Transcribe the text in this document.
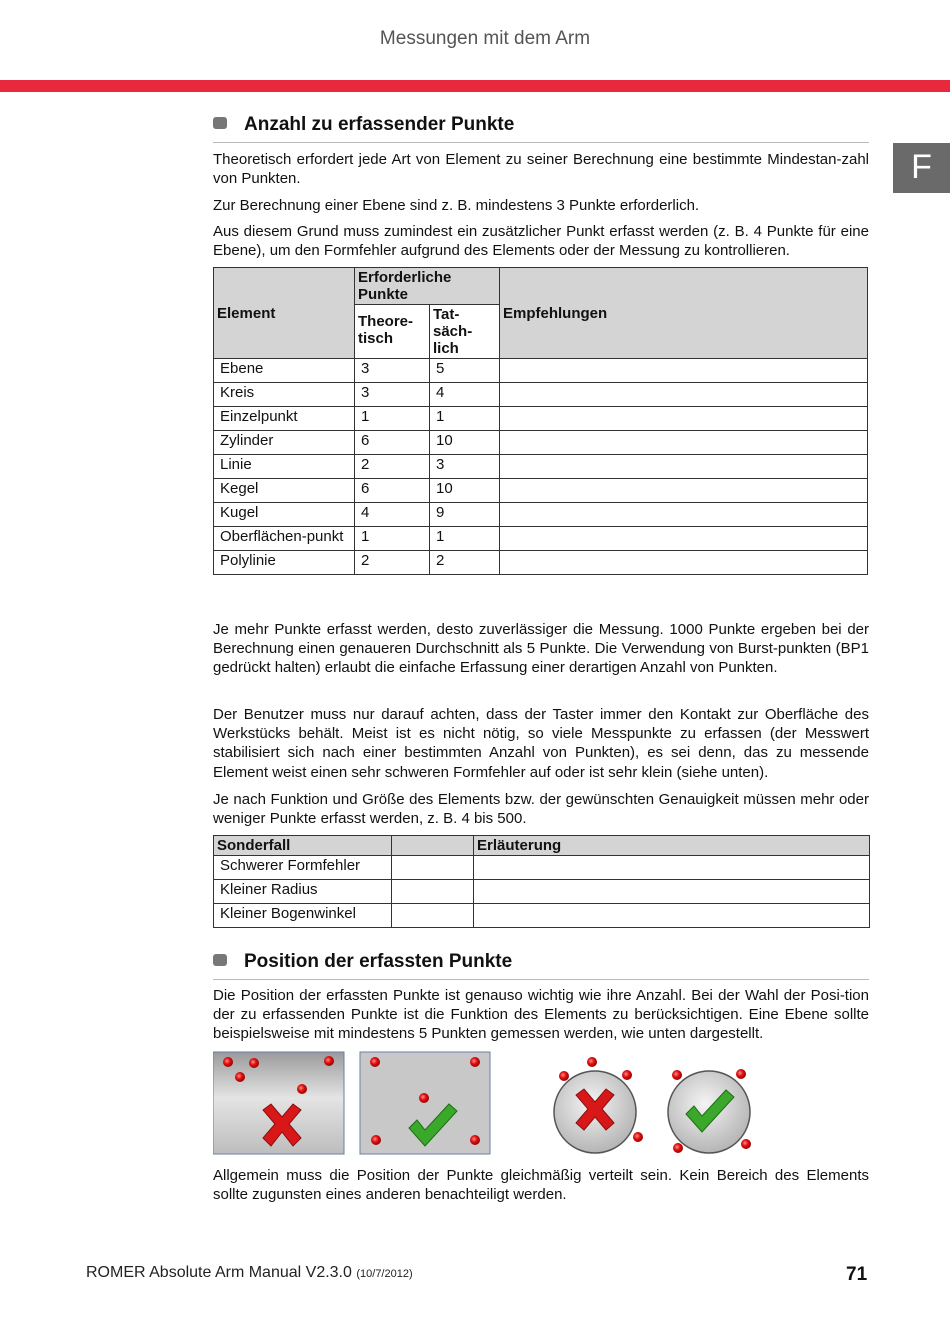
Messungen mit dem Arm
F
Anzahl zu erfassender Punkte

Theoretisch erfordert jede Art von Element zu seiner Berechnung eine bestimmte Mindestan-zahl von Punkten.

Zur Berechnung einer Ebene sind z. B. mindestens 3 Punkte erforderlich.

Aus diesem Grund muss zumindest ein zusätzlicher Punkt erfasst werden (z. B. 4 Punkte für eine Ebene), um den Formfehler aufgrund des Elements oder der Messung zu kontrollieren.

Element	Erforderliche Punkte		Empfehlungen
	Theore-tisch	Tat-säch-lich	
Ebene	3	5	
Kreis	3	4	
Einzelpunkt	1	1	
Zylinder	6	10	
Linie	2	3	
Kegel	6	10	
Kugel	4	9	
Oberflächen-punkt	1	1	
Polylinie	2	2	

Je mehr Punkte erfasst werden, desto zuverlässiger die Messung. 1000 Punkte ergeben bei der Berechnung einen genaueren Durchschnitt als 5 Punkte. Die Verwendung von Burst-punkten (BP1 gedrückt halten) erlaubt die einfache Erfassung einer derartigen Anzahl von Punkten.

Der Benutzer muss nur darauf achten, dass der Taster immer den Kontakt zur Oberfläche des Werkstücks behält. Meist ist es nicht nötig, so viele Messpunkte zu erfassen (der Messwert stabilisiert sich nach einer bestimmten Anzahl von Punkten), es sei denn, das zu messende Element weist einen sehr schweren Formfehler auf oder ist sehr klein (siehe unten).

Je nach Funktion und Größe des Elements bzw. der gewünschten Genauigkeit müssen mehr oder weniger Punkte erfasst werden, z. B. 4 bis 500.

Sonderfall		Erläuterung
Schwerer Formfehler		
Kleiner Radius		
Kleiner Bogenwinkel		
Position der erfassten Punkte

Die Position der erfassten Punkte ist genauso wichtig wie ihre Anzahl. Bei der Wahl der Posi-tion der zu erfassenden Punkte ist die Funktion des Elements zu berücksichtigen. Eine Ebene sollte beispielsweise mit mindestens 5 Punkten gemessen werden, wie unten dargestellt.

Allgemein muss die Position der Punkte gleichmäßig verteilt sein. Kein Bereich des Elements sollte zugunsten eines anderen benachteiligt werden.

ROMER Absolute Arm Manual V2.3.0 (10/7/2012)	71
